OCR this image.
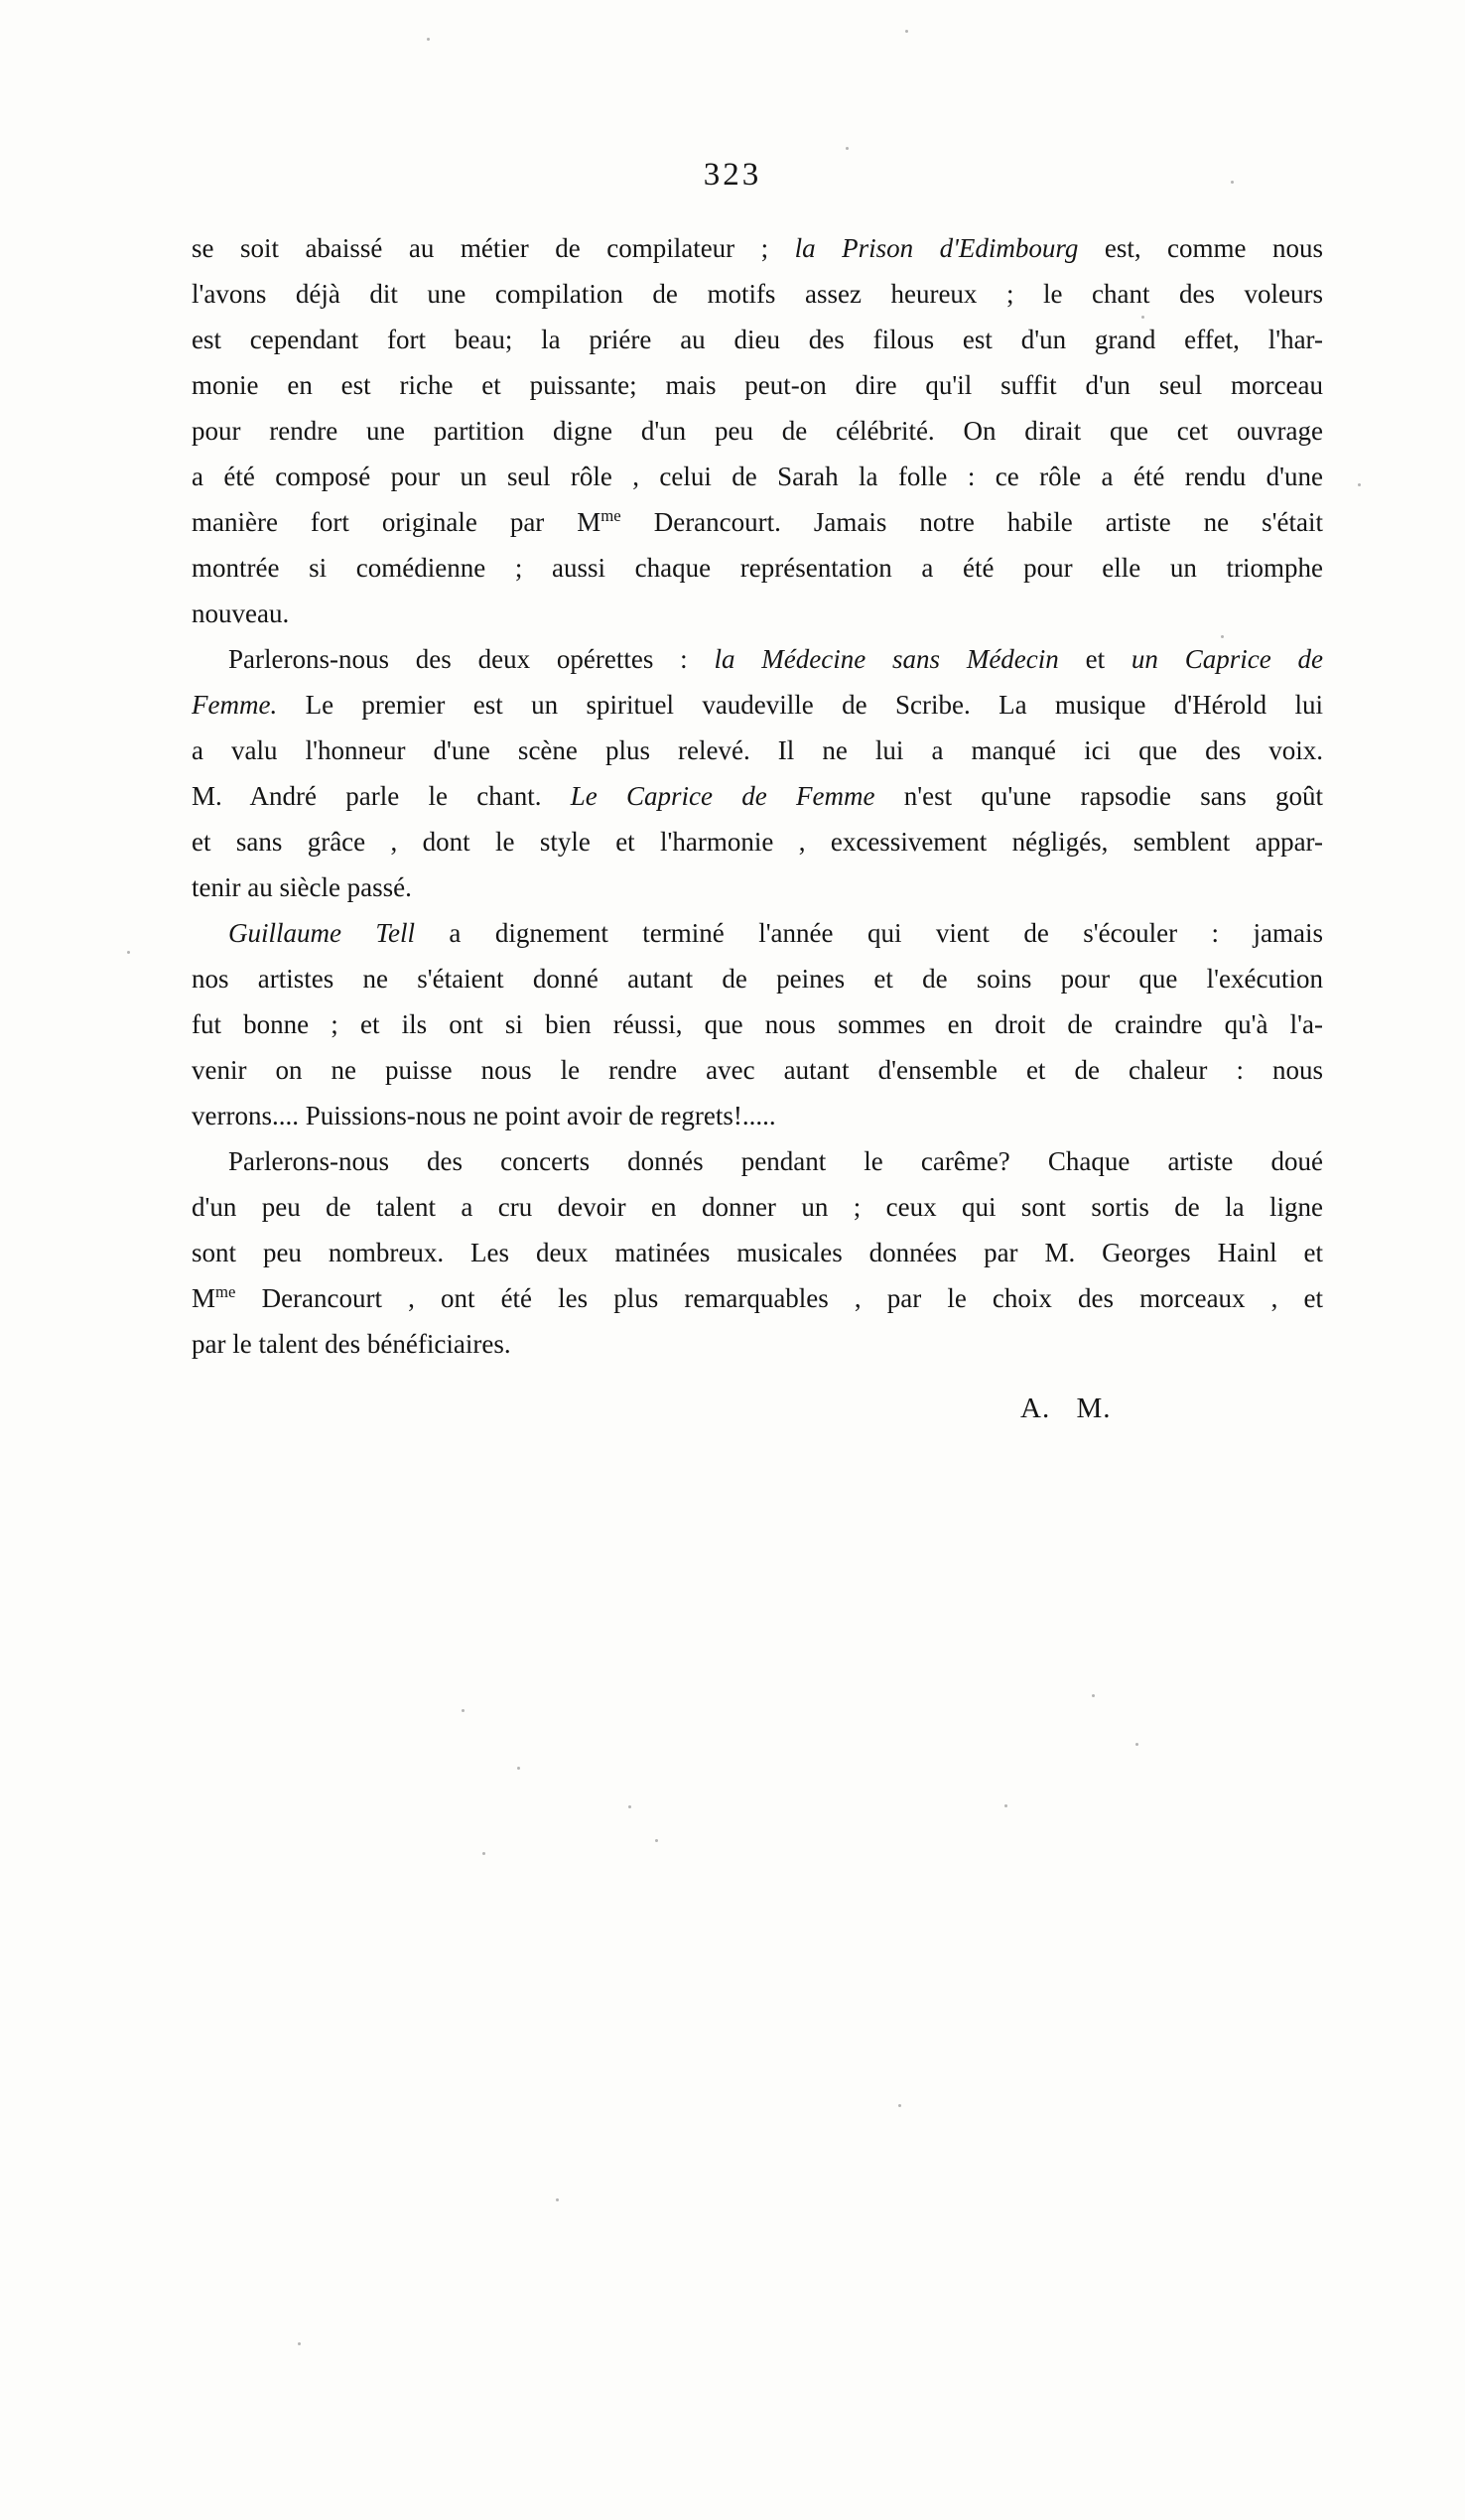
323
se soit abaissé au métier de compilateur ; la Prison d'Edimbourg est, comme nous
l'avons déjà dit une compilation de motifs assez heureux ; le chant des voleurs
est cependant fort beau; la priére au dieu des filous est d'un grand effet, l'har-
monie en est riche et puissante; mais peut-on dire qu'il suffit d'un seul morceau
pour rendre une partition digne d'un peu de célébrité. On dirait que cet ouvrage
a été composé pour un seul rôle , celui de Sarah la folle : ce rôle a été rendu d'une
manière fort originale par $M^{me}$ Derancourt. Jamais notre habile artiste ne s'était
montrée si comédienne ; aussi chaque représentation a été pour elle un triomphe
nouveau.
Parlerons-nous des deux opérettes : la Médecine sans Médecin et un Caprice de
Femme. Le premier est un spirituel vaudeville de Scribe. La musique d'Hérold lui
a valu l'honneur d'une scène plus relevé. Il ne lui a manqué ici que des voix.
M. André parle le chant. Le Caprice de Femme n'est qu'une rapsodie sans goût
et sans grâce , dont le style et l'harmonie , excessivement négligés, semblent appar-
tenir au siècle passé.
Guillaume Tell a dignement terminé l'année qui vient de s'écouler : jamais
nos artistes ne s'étaient donné autant de peines et de soins pour que l'exécution
fut bonne ; et ils ont si bien réussi, que nous sommes en droit de craindre qu'à l'a-
venir on ne puisse nous le rendre avec autant d'ensemble et de chaleur : nous
verrons.... Puissions-nous ne point avoir de regrets!.....
Parlerons-nous des concerts donnés pendant le carême? Chaque artiste doué
d'un peu de talent a cru devoir en donner un ; ceux qui sont sortis de la ligne
sont peu nombreux. Les deux matinées musicales données par M. Georges Hainl et
$M^{me}$ Derancourt , ont été les plus remarquables , par le choix des morceaux , et
par le talent des bénéficiaires.
A. M.
